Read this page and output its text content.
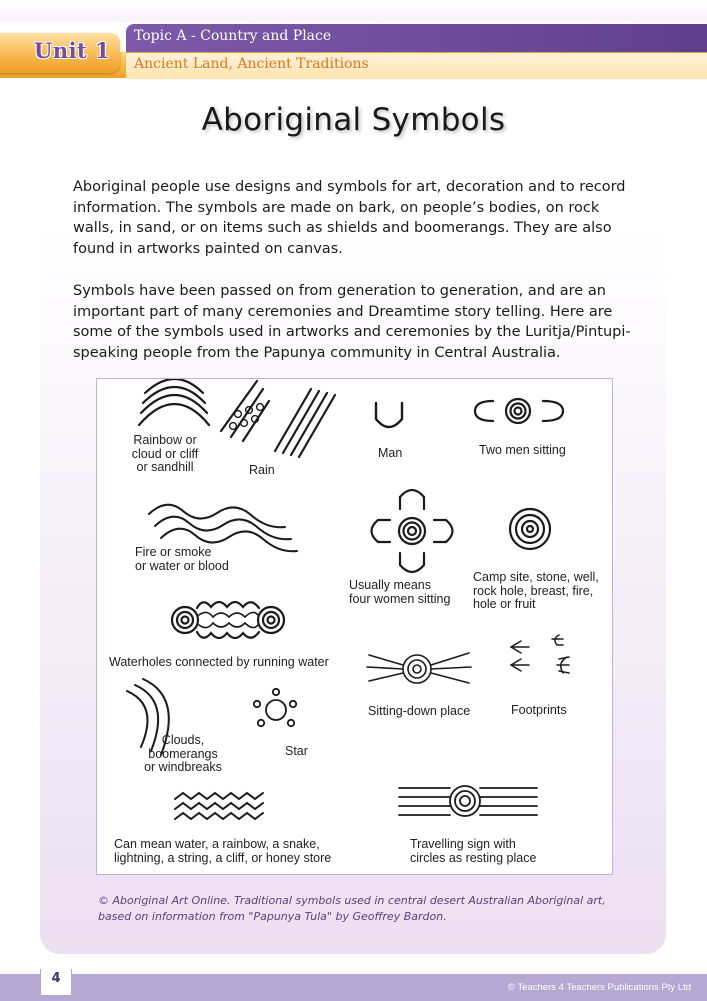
Unit 1
Topic A - Country and Place
Ancient Land, Ancient Traditions
Aboriginal Symbols
Aboriginal people use designs and symbols for art, decoration and to record information. The symbols are made on bark, on people’s bodies, on rock walls, in sand, or on items such as shields and boomerangs. They are also found in artworks painted on canvas.
Symbols have been passed on from generation to generation, and are an important part of many ceremonies and Dreamtime story telling. Here are some of the symbols used in artworks and ceremonies by the Luritja/Pintupi-speaking people from the Papunya community in Central Australia.
Rainbow or
cloud or cliff
or sandhill	Rain
Man	Two men sitting
Fire or smoke
or water or blood
Usually means
four women sitting
Camp site, stone, well,
rock hole, breast, fire,
hole or fruit
Waterholes connected by running water
Sitting-down place	Footprints
Clouds,
boomerangs
or windbreaks
Star
Can mean water, a rainbow, a snake,
lightning, a string, a cliff, or honey store
Travelling sign with
circles as resting place
© Aboriginal Art Online. Traditional symbols used in central desert Australian Aboriginal art, based on information from "Papunya Tula" by Geoffrey Bardon.
4
© Teachers 4 Teachers Publications Pty Ltd
